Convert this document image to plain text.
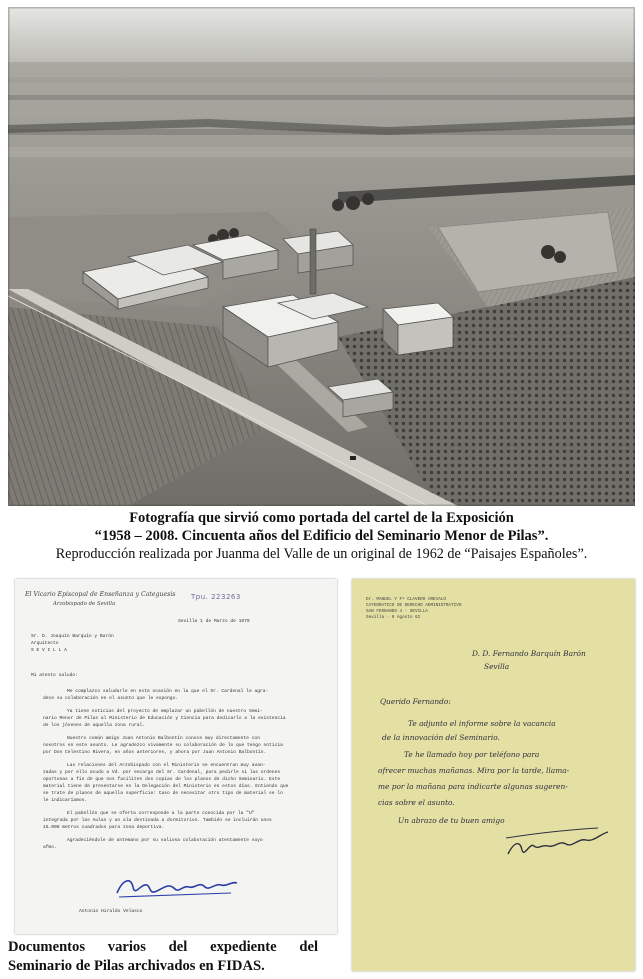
Fotografía que sirvió como portada del cartel de la Exposición
“1958 – 2008. Cincuenta años del Edificio del Seminario Menor de Pilas”.
Reproducción realizada por Juanma del Valle de un original de 1962 de “Paisajes Españoles”.
El Vicario Episcopal de Enseñanza y Categuesis
Arzobispado de Sevilla
Tpu. 223263
Sevilla 1 de Marzo de 1979
Sr. D. Joaquín Barquín y Barón
Arquitecto
S E V I L L A
Mi atento saludo:
Me complazco saludarle en esta ocasión en la que el Sr. Cardenal le agra-
dece su colaboración en el asunto que le expongo.
Ya tiene noticias del proyecto de emplazar un pabellón de nuestro Semi-
nario Menor de Pilas al Ministerio de Educación y Ciencia para dedicarlo a la existencia
de los jóvenes de aquella zona rural.
Nuestro común amigo Juan Antonio Balbontín conoce muy directamente con
nosotros en este asunto. Le agradezco vivamente su colaboración de lo que tengo noticia
por Don Celestino Rivera, en años anteriores, y ahora por Juan Antonio Balbontín.
Las relaciones del Arzobispado con el Ministerio se encuentran muy avan-
zadas y por ello acudo a Vd. por encargo del Sr. Cardenal, para pedirle si las ordenes
oportunas a fin de que nos faciliten dos copias de los planos de dicho Seminario. Este
material tiene de presentarse en la Delegación del Ministerio en estos días. Entiendo que
se trate de planos de aquella superficie: Caso de necesitar otro tipo de material se lo
le indicaríamos.
El pabellón que se oferta corresponde a la parte conocida por la "U"
integrada por las Aulas y un ala destinada a dormitorios. También se incluirán unos
15.000 metros cuadrados para zona deportiva.
Agradeciéndole de antemano por su valiosa colaboración atentamente suyo
afmo.
Antonio Hiraldo Velasco
Dr. MANUEL Y Fª CLAVERO AREVALO
CATEDRATICO DE DERECHO ADMINISTRATIVO
SAN FERNANDO 4 · SEVILLA
Sevilla · 9 Agosto 62
D. D. Fernando Barquín Barón
Sevilla
Querido Fernando:
Te adjunto el informe sobre la vacancia
de la innovación del Seminario.
Te he llamado hoy por teléfono para
ofrecer muchas mañanas. Mira por la tarde, llama-
me por la mañana para indicarte algunas sugeren-
cias sobre el asunto.
Un abrazo de tu buen amigo
Documentos varios del expediente del
Seminario de Pilas archivados en FIDAS.
